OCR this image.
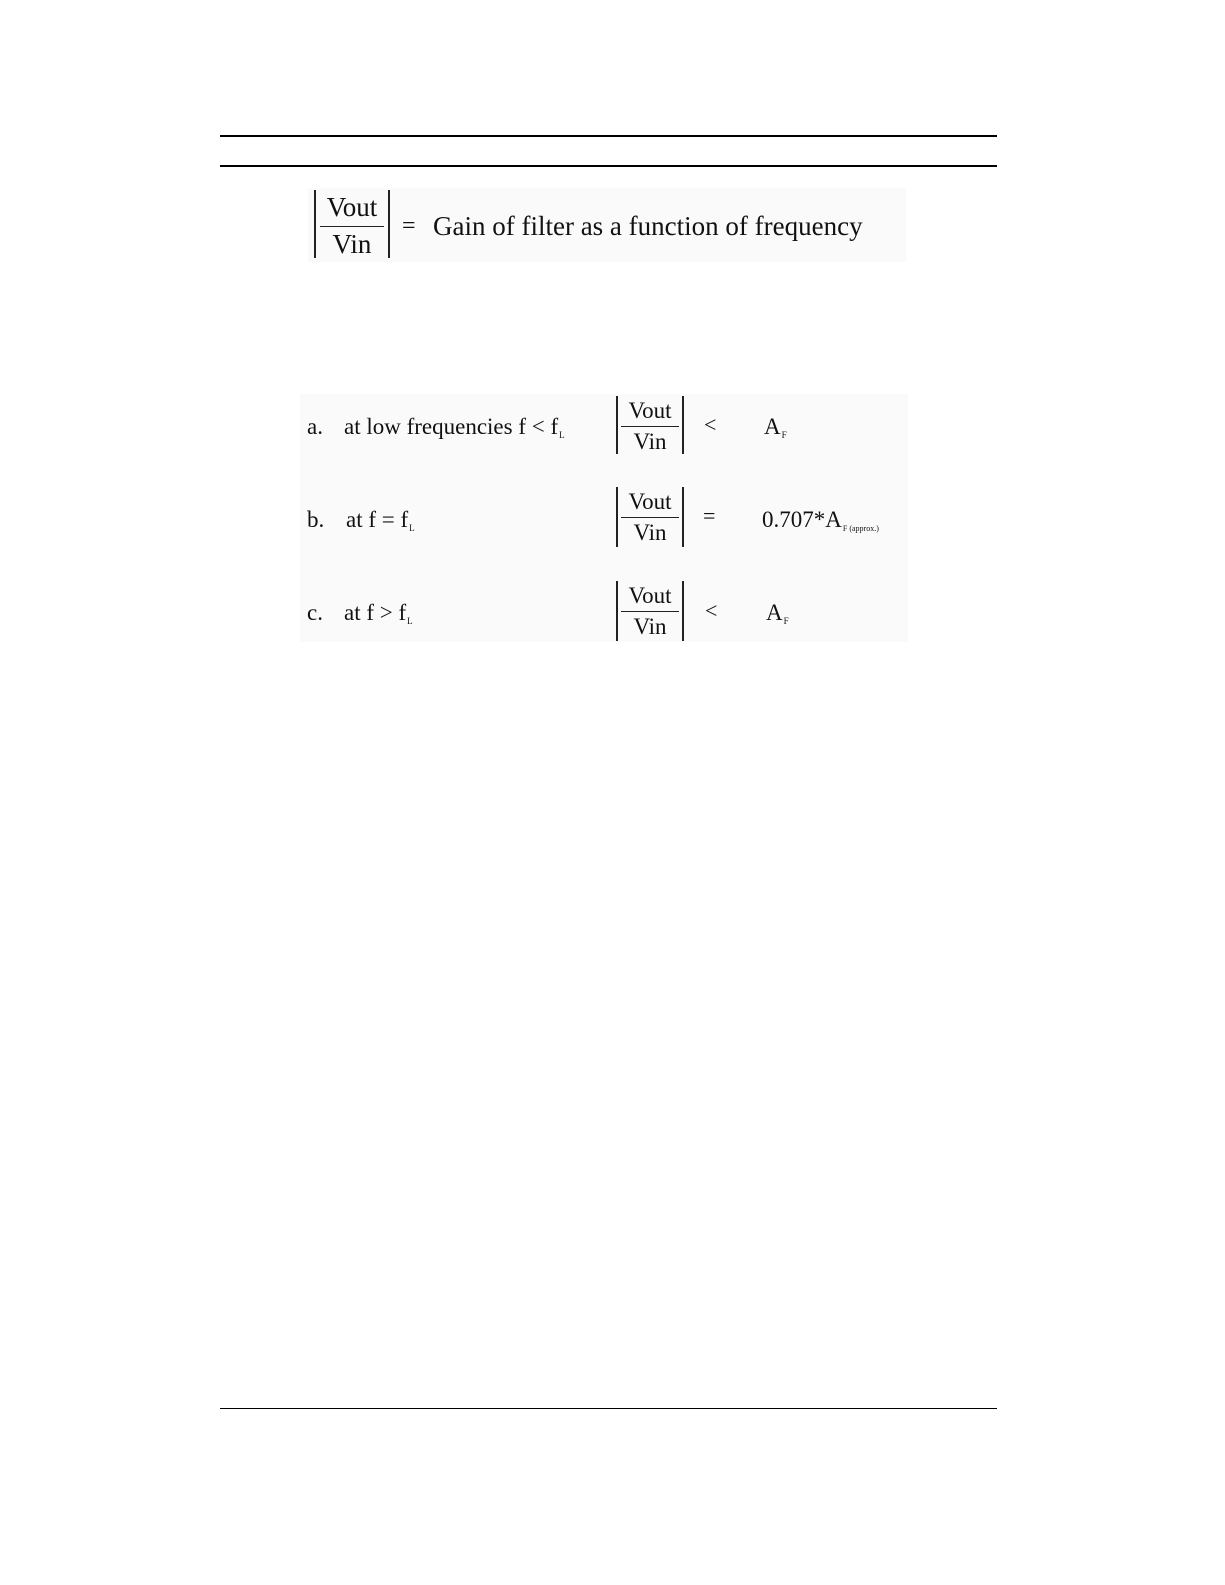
Vout
Vin
= Gain of filter as a function of frequency
a. at low frequencies $f < f_L$
Vout
Vin
< $A_F$
b. at $f = f_L$
Vout
Vin
= $0.707*A_{F (approx.)}$
c. at $f > f_L$
Vout
Vin
< $A_F$
